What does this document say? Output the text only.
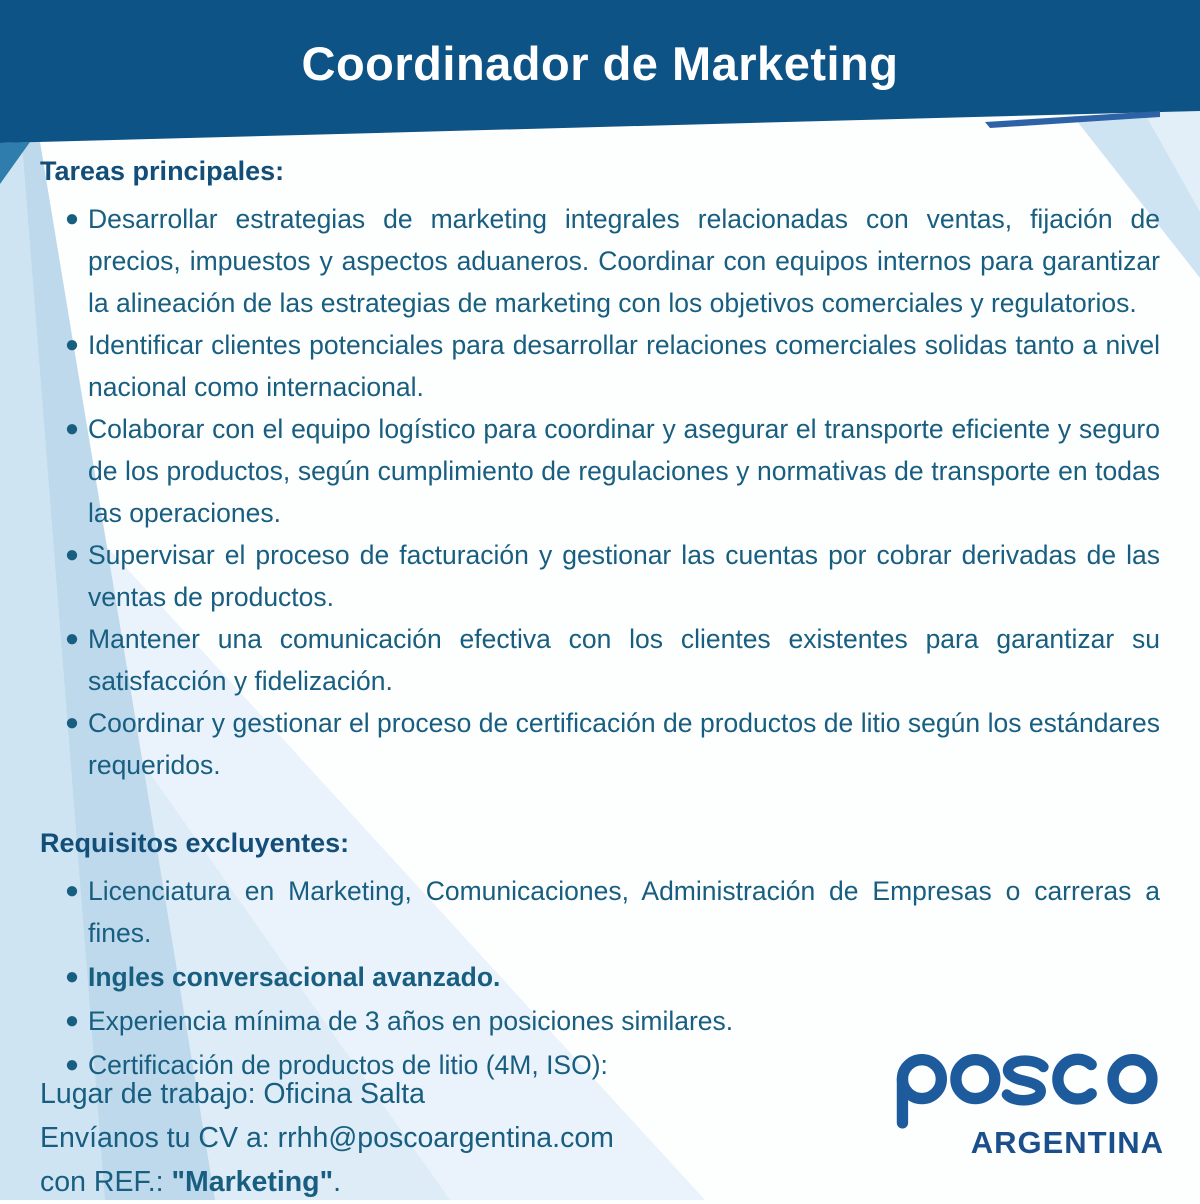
Coordinador de Marketing
Tareas principales:
●︎ Desarrollar estrategias de marketing integrales relacionadas con ventas, fijación de precios, impuestos y aspectos aduaneros. Coordinar con equipos internos para garantizar la alineación de las estrategias de marketing con los objetivos comerciales y regulatorios.
●︎ Identificar clientes potenciales para desarrollar relaciones comerciales solidas tanto a nivel nacional como internacional.
●︎ Colaborar con el equipo logístico para coordinar y asegurar el transporte eficiente y seguro de los productos, según cumplimiento de regulaciones y normativas de transporte en todas las operaciones.
●︎ Supervisar el proceso de facturación y gestionar las cuentas por cobrar derivadas de las ventas de productos.
●︎ Mantener una comunicación efectiva con los clientes existentes para garantizar su satisfacción y fidelización.
●︎ Coordinar y gestionar el proceso de certificación de productos de litio según los estándares requeridos.
Requisitos excluyentes:
●︎ Licenciatura en Marketing, Comunicaciones, Administración de Empresas o carreras a fines.
●︎ Ingles conversacional avanzado.
●︎ Experiencia mínima de 3 años en posiciones similares.
●︎ Certificación de productos de litio (4M, ISO):
Lugar de trabajo: Oficina Salta
Envíanos tu CV a: rrhh@poscoargentina.com
con REF.: "Marketing".
ARGENTINA
